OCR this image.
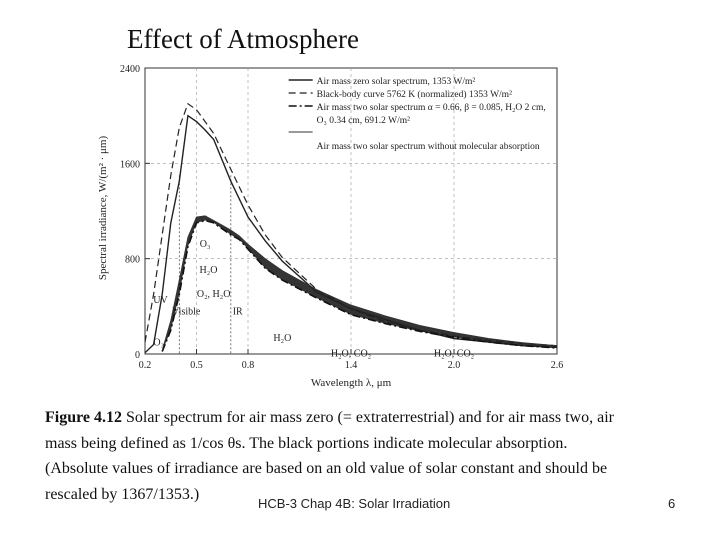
Effect of Atmosphere
0
800
1600
2400
0.2	0.5	0.8	1.4	2.0	2.6
Spectral irradiance, W/(m² · μm)
Wavelength λ, μm
Air mass zero solar spectrum, 1353 W/m²
Black-body curve 5762 K (normalized) 1353 W/m²
Air mass two solar spectrum α = 0.66, β = 0.085, H₂O 2 cm, O₃ 0.34 cm, 691.2 W/m²
Air mass two solar spectrum without molecular absorption
O₃
H₂O
O₂, H₂O
H₂O
H₂O, CO₂	H₂O, CO₂
O₃
UV
Visible	IR
Figure 4.12 Solar spectrum for air mass zero (= extraterrestrial) and for air mass two, air
mass being defined as 1/cos θs. The black portions indicate molecular absorption.
(Absolute values of irradiance are based on an old value of solar constant and should be
rescaled by 1367/1353.)
HCB-3 Chap 4B: Solar Irradiation	6
